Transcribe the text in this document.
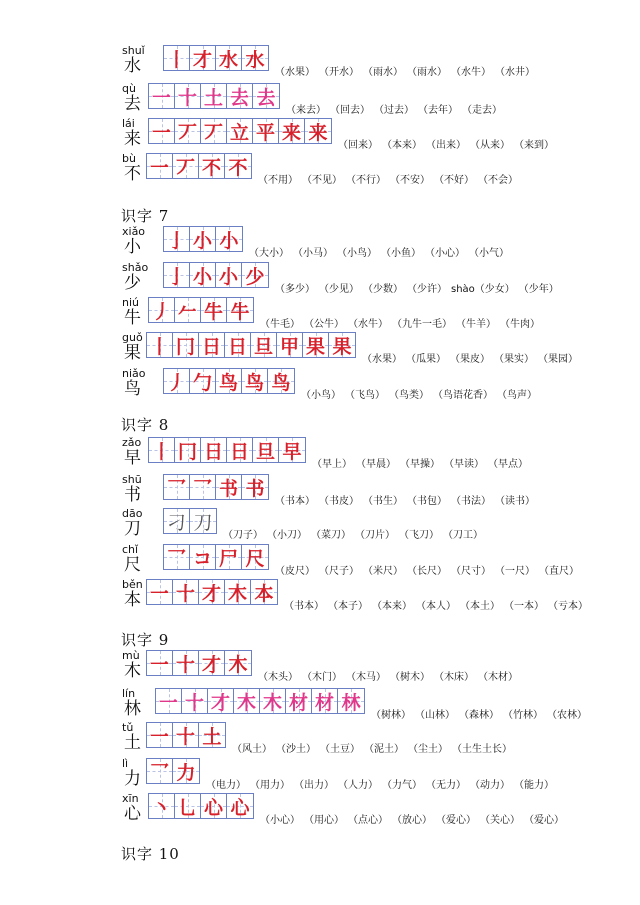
shuǐ
水 丨 才 水 水
（水果） （开水） （雨水） （雨水） （水牛） （水井）
qù
去 一 十 土 去 去
（来去） （回去） （过去） （去年） （走去）
lái
来 一 丆 丆 立 平 来 来
（回来） （本来） （出来） （从来） （来到）
bù
不 一 丆 不 不
（不用） （不见） （不行） （不安） （不好） （不会）
识字 7
xiǎo
小 亅 小 小
（大小） （小马） （小鸟） （小鱼） （小心） （小气）
shǎo
少 亅 小 小 少
（多少） （少见） （少数） （少许） shào（少女） （少年）
niú
牛 丿 𠂉 牛 牛
（牛毛） （公牛） （水牛） （九牛一毛） （牛羊） （牛肉）
guǒ
果 丨 冂 日 日 旦 甲 果 果
（水果） （瓜果） （果皮） （果实） （果园）
niǎo
鸟 丿 勹 鸟 鸟 鸟
（小鸟） （飞鸟） （鸟类） （鸟语花香） （鸟声）
识字 8
zǎo
早 丨 冂 日 日 旦 早
（早上） （早晨） （早操） （早读） （早点）
shū
书 乛 乛 书 书
（书本） （书皮） （书生） （书包） （书法） （读书）
dāo
刀 刁 刀
（刀子） （小刀） （菜刀） （刀片） （飞刀） （刀工）
chǐ
尺 乛 コ 尸 尺
（皮尺） （尺子） （米尺） （长尺） （尺寸） （一尺） （直尺）
běn
本 一 十 才 木 本
（书本） （本子） （本来） （本人） （本土） （一本） （亏本）
识字 9
mù
木 一 十 才 木
（木头） （木门） （木马） （树木） （木床） （木材）
lín
林 一 十 才 木 木 材 材 林
（树林） （山林） （森林） （竹林） （农林）
tǔ
土 一 十 土
（风土） （沙土） （土豆） （泥土） （尘土） （土生土长）
lì
力 乛 力
（电力） （用力） （出力） （人力） （力气） （无力） （动力） （能力）
xīn
心 丶 乚 心 心
（小心） （用心） （点心） （放心） （爱心） （关心） （爱心）
识字 10
